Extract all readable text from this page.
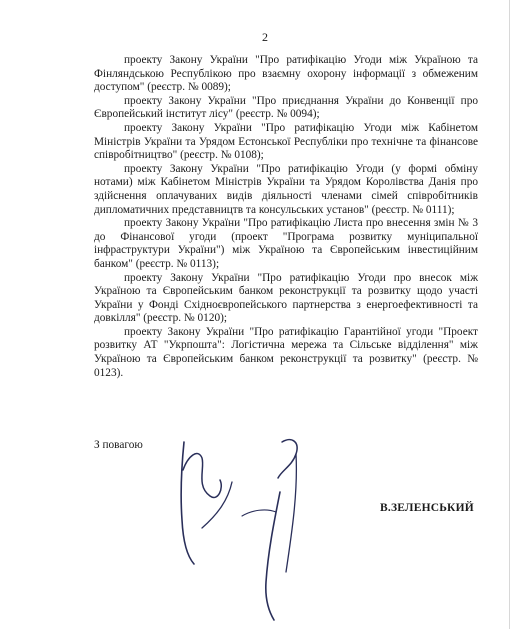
2

проекту Закону України "Про ратифікацію Угоди між Україною та Фінляндською Республікою про взаємну охорону інформації з обмеженим доступом" (реєстр. № 0089);

проекту Закону України "Про приєднання України до Конвенції про Європейський інститут лісу" (реєстр. № 0094);

проекту Закону України "Про ратифікацію Угоди між Кабінетом Міністрів України та Урядом Естонської Республіки про технічне та фінансове співробітництво" (реєстр. № 0108);

проекту Закону України "Про ратифікацію Угоди (у формі обміну нотами) між Кабінетом Міністрів України та Урядом Королівства Данія про здійснення оплачуваних видів діяльності членами сімей співробітників дипломатичних представництв та консульських установ" (реєстр. № 0111);

проекту Закону України "Про ратифікацію Листа про внесення змін № 3 до Фінансової угоди (проект "Програма розвитку муніципальної інфраструктури України") між Україною та Європейським інвестиційним банком" (реєстр. № 0113);

проекту Закону України "Про ратифікацію Угоди про внесок між Україною та Європейським банком реконструкції та розвитку щодо участі України у Фонді Східноєвропейського партнерства з енергоефективності та довкілля" (реєстр. № 0120);

проекту Закону України "Про ратифікацію Гарантійної угоди "Проект розвитку АТ "Укрпошта": Логістична мережа та Сільське відділення" між Україною та Європейським банком реконструкції та розвитку" (реєстр. № 0123).

З повагою
В.ЗЕЛЕНСЬКИЙ
